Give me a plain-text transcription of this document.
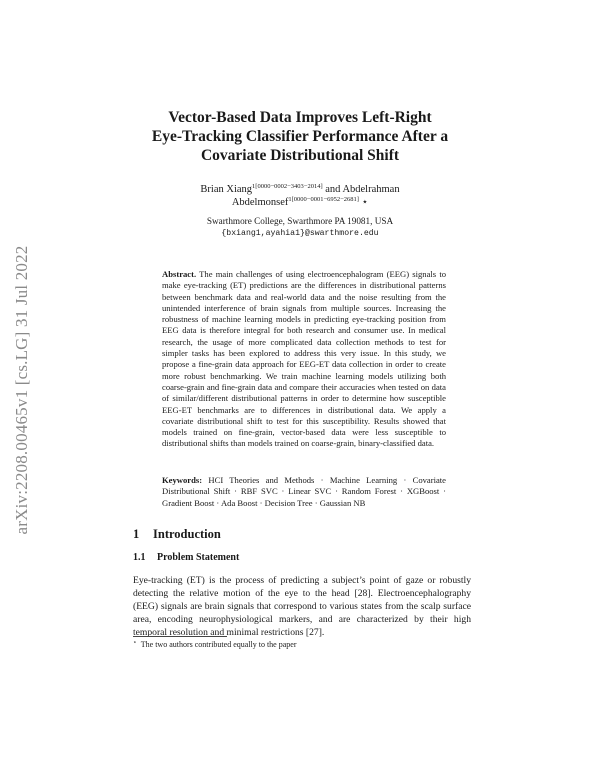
arXiv:2208.00465v1 [cs.LG] 31 Jul 2022
Vector-Based Data Improves Left-Right
Eye-Tracking Classifier Performance After a
Covariate Distributional Shift
Brian Xiang$^{1[0000-0002-3403-2014]}$ and Abdelrahman
Abdelmonsef$^{1[0000-0001-6952-2681]}$ ⋆
Swarthmore College, Swarthmore PA 19081, USA
{bxiang1,ayahia1}@swarthmore.edu
Abstract. The main challenges of using electroencephalogram (EEG) signals to make eye-tracking (ET) predictions are the differences in distributional patterns between benchmark data and real-world data and the noise resulting from the unintended interference of brain signals from multiple sources. Increasing the robustness of machine learning models in predicting eye-tracking position from EEG data is therefore integral for both research and consumer use. In medical research, the usage of more complicated data collection methods to test for simpler tasks has been explored to address this very issue. In this study, we propose a fine-grain data approach for EEG-ET data collection in order to create more robust benchmarking. We train machine learning models utilizing both coarse-grain and fine-grain data and compare their accuracies when tested on data of similar/different distributional patterns in order to determine how susceptible EEG-ET benchmarks are to differences in distributional data. We apply a covariate distributional shift to test for this susceptibility. Results showed that models trained on fine-grain, vector-based data were less susceptible to distributional shifts than models trained on coarse-grain, binary-classified data.
Keywords: HCI Theories and Methods · Machine Learning · Covariate Distributional Shift · RBF SVC · Linear SVC · Random Forest · XGBoost · Gradient Boost · Ada Boost · Decision Tree · Gaussian NB
1 Introduction
1.1 Problem Statement
Eye-tracking (ET) is the process of predicting a subject’s point of gaze or robustly detecting the relative motion of the eye to the head [28]. Electroencephalography (EEG) signals are brain signals that correspond to various states from the scalp surface area, encoding neurophysiological markers, and are characterized by their high temporal resolution and minimal restrictions [27].
⋆ The two authors contributed equally to the paper
